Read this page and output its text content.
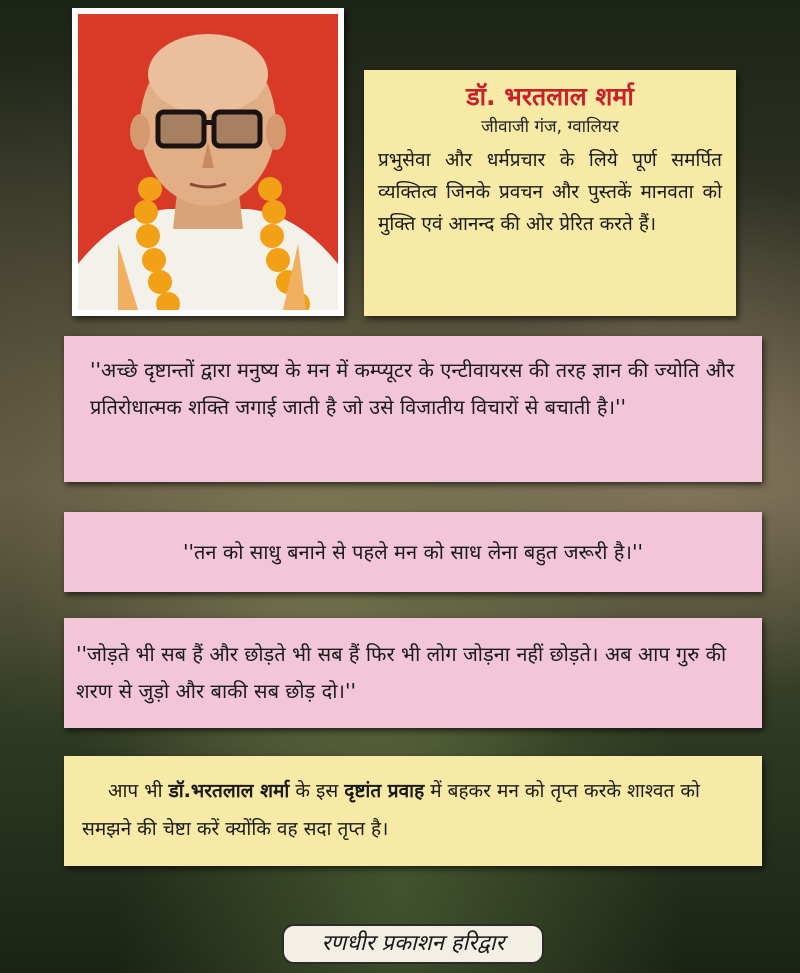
डॉ. भरतलाल शर्मा
जीवाजी गंज, ग्वालियर
प्रभुसेवा और धर्मप्रचार के लिये पूर्ण समर्पित व्यक्तित्व जिनके प्रवचन और पुस्तकें मानवता को मुक्ति एवं आनन्द की ओर प्रेरित करते हैं।
''अच्छे दृष्टान्तों द्वारा मनुष्य के मन में कम्प्यूटर के एन्टीवायरस की तरह ज्ञान की ज्योति और प्रतिरोधात्मक शक्ति जगाई जाती है जो उसे विजातीय विचारों से बचाती है।''
''तन को साधु बनाने से पहले मन को साध लेना बहुत जरूरी है।''
''जोड़ते भी सब हैं और छोड़ते भी सब हैं फिर भी लोग जोड़ना नहीं छोड़ते। अब आप गुरु की शरण से जुड़ो और बाकी सब छोड़ दो।''
आप भी डॉ.भरतलाल शर्मा के इस दृष्टांत प्रवाह में बहकर मन को तृप्त करके शाश्वत को समझने की चेष्टा करें क्योंकि वह सदा तृप्त है।
रणधीर प्रकाशन हरिद्वार
